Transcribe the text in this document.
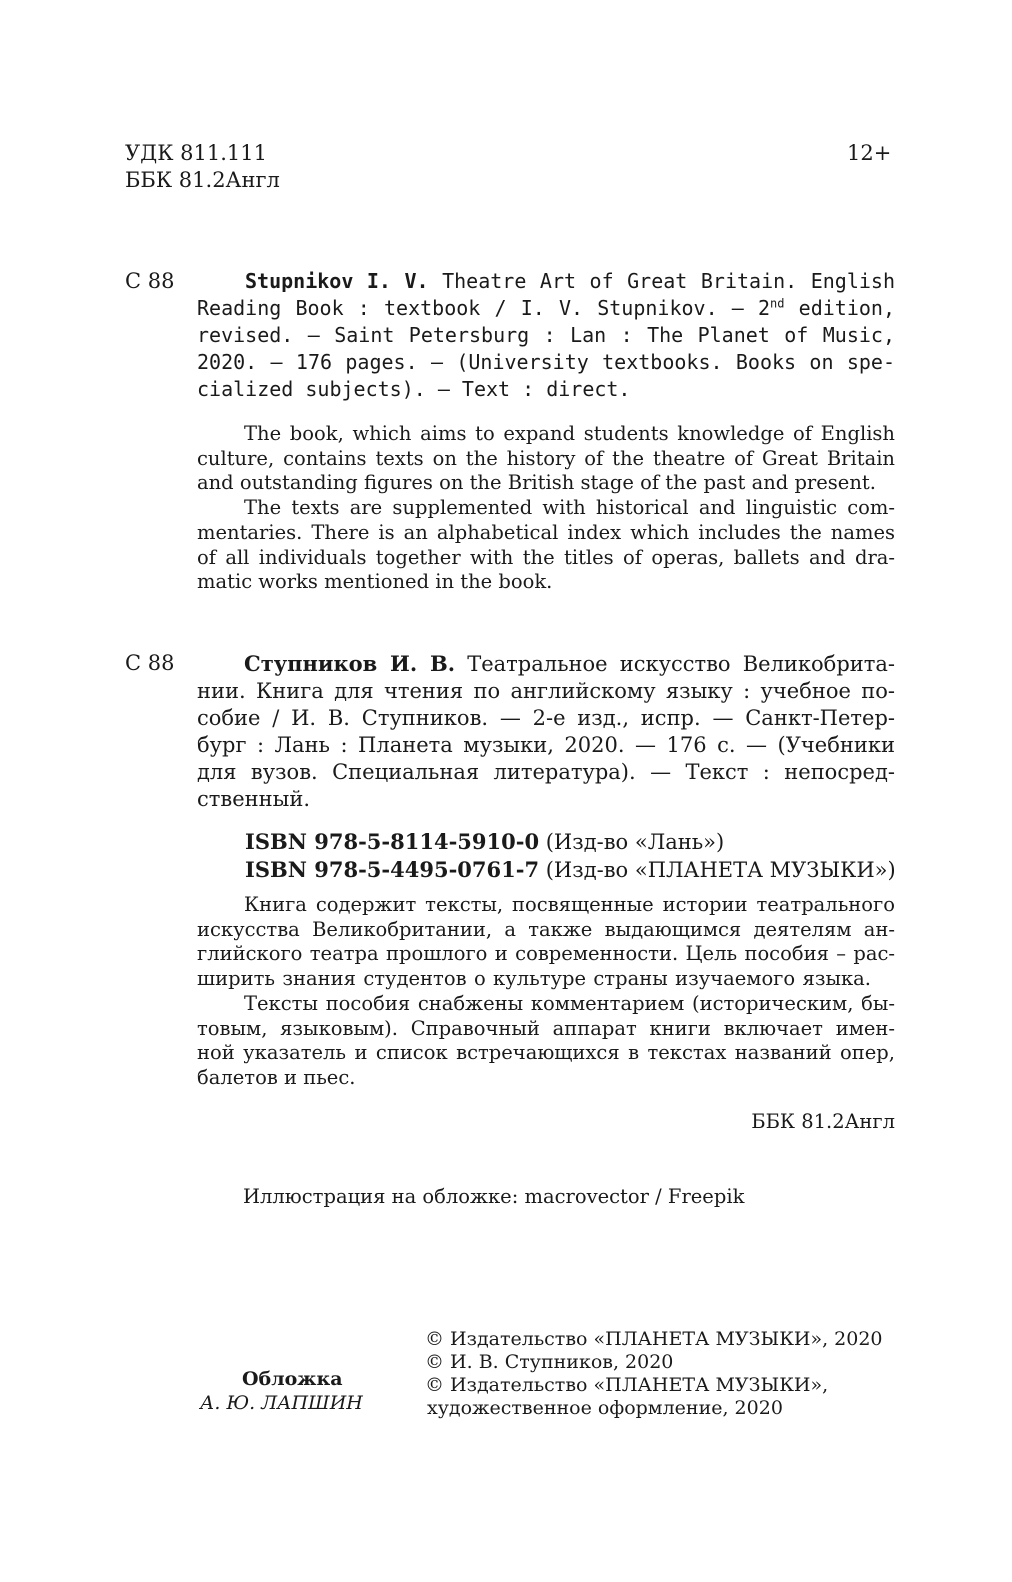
УДК 811.111
ББК 81.2Англ
12+
С 88	Stupnikov I. V. Theatre Art of Great Britain. English
Reading Book : textbook / I. V. Stupnikov. — 2nd edition,
revised. — Saint Petersburg : Lan : The Planet of Music,
2020. — 176 pages. — (University textbooks. Books on spe-
cialized subjects). — Text : direct.
The book, which aims to expand students knowledge of English
culture, contains texts on the history of the theatre of Great Britain
and outstanding figures on the British stage of the past and present.
The texts are supplemented with historical and linguistic com-
mentaries. There is an alphabetical index which includes the names
of all individuals together with the titles of operas, ballets and dra-
matic works mentioned in the book.
С 88	Ступников И. В. Театральное искусство Великобрита-
нии. Книга для чтения по английскому языку : учебное по-
собие / И. В. Ступников. — 2-е изд., испр. — Санкт-Петер-
бург : Лань : Планета музыки, 2020. — 176 с. — (Учебники
для вузов. Специальная литература). — Текст : непосред-
ственный.
ISBN 978-5-8114-5910-0 (Изд-во «Лань»)
ISBN 978-5-4495-0761-7 (Изд-во «ПЛАНЕТА МУЗЫКИ»)
Книга содержит тексты, посвященные истории театрального
искусства Великобритании, а также выдающимся деятелям ан-
глийского театра прошлого и современности. Цель пособия – рас-
ширить знания студентов о культуре страны изучаемого языка.
Тексты пособия снабжены комментарием (историческим, бы-
товым, языковым). Справочный аппарат книги включает имен-
ной указатель и список встречающихся в текстах названий опер,
балетов и пьес.
ББК 81.2Англ
Иллюстрация на обложке: macrovector / Freepik
Обложка
А. Ю. ЛАПШИН
© Издательство «ПЛАНЕТА МУЗЫКИ», 2020
© И. В. Ступников, 2020
© Издательство «ПЛАНЕТА МУЗЫКИ»,
художественное оформление, 2020
